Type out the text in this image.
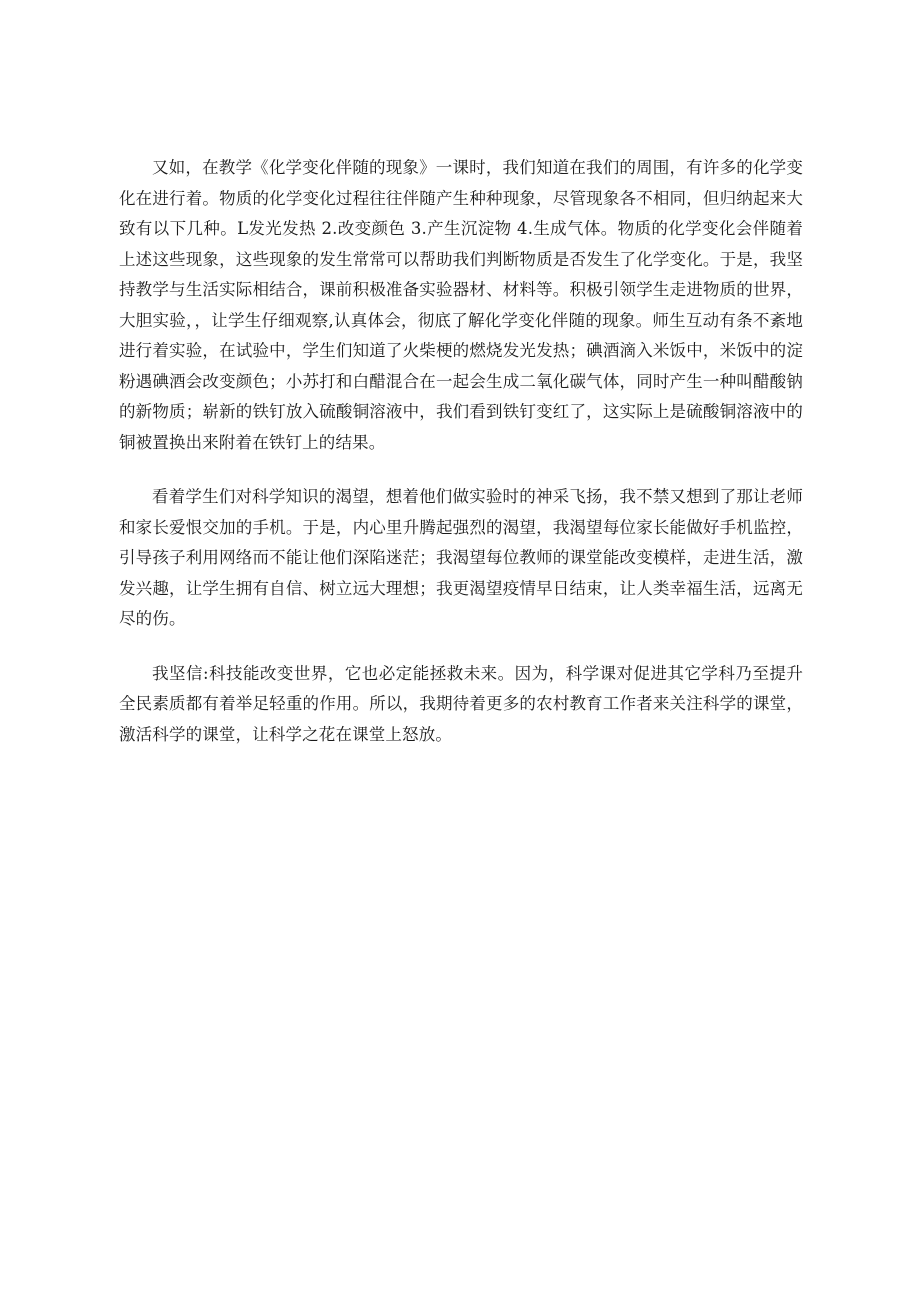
又如，在教学《化学变化伴随的现象》一课时，我们知道在我们的周围，有许多的化学变化在进行着。物质的化学变化过程往往伴随产生种种现象，尽管现象各不相同，但归纳起来大致有以下几种。L发光发热 2.改变颜色 3.产生沉淀物 4.生成气体。物质的化学变化会伴随着上述这些现象，这些现象的发生常常可以帮助我们判断物质是否发生了化学变化。于是，我坚持教学与生活实际相结合，课前积极准备实验器材、材料等。积极引领学生走进物质的世界，大胆实验，，让学生仔细观察,认真体会，彻底了解化学变化伴随的现象。师生互动有条不紊地进行着实验，在试验中，学生们知道了火柴梗的燃烧发光发热；碘酒滴入米饭中，米饭中的淀粉遇碘酒会改变颜色；小苏打和白醋混合在一起会生成二氧化碳气体，同时产生一种叫醋酸钠的新物质；崭新的铁钉放入硫酸铜溶液中，我们看到铁钉变红了，这实际上是硫酸铜溶液中的铜被置换出来附着在铁钉上的结果。

看着学生们对科学知识的渴望，想着他们做实验时的神采飞扬，我不禁又想到了那让老师和家长爱恨交加的手机。于是，内心里升腾起强烈的渴望，我渴望每位家长能做好手机监控，引导孩子利用网络而不能让他们深陷迷茫；我渴望每位教师的课堂能改变模样，走进生活，激发兴趣，让学生拥有自信、树立远大理想；我更渴望疫情早日结束，让人类幸福生活，远离无尽的伤。

我坚信:科技能改变世界，它也必定能拯救未来。因为，科学课对促进其它学科乃至提升全民素质都有着举足轻重的作用。所以，我期待着更多的农村教育工作者来关注科学的课堂，激活科学的课堂，让科学之花在课堂上怒放。
